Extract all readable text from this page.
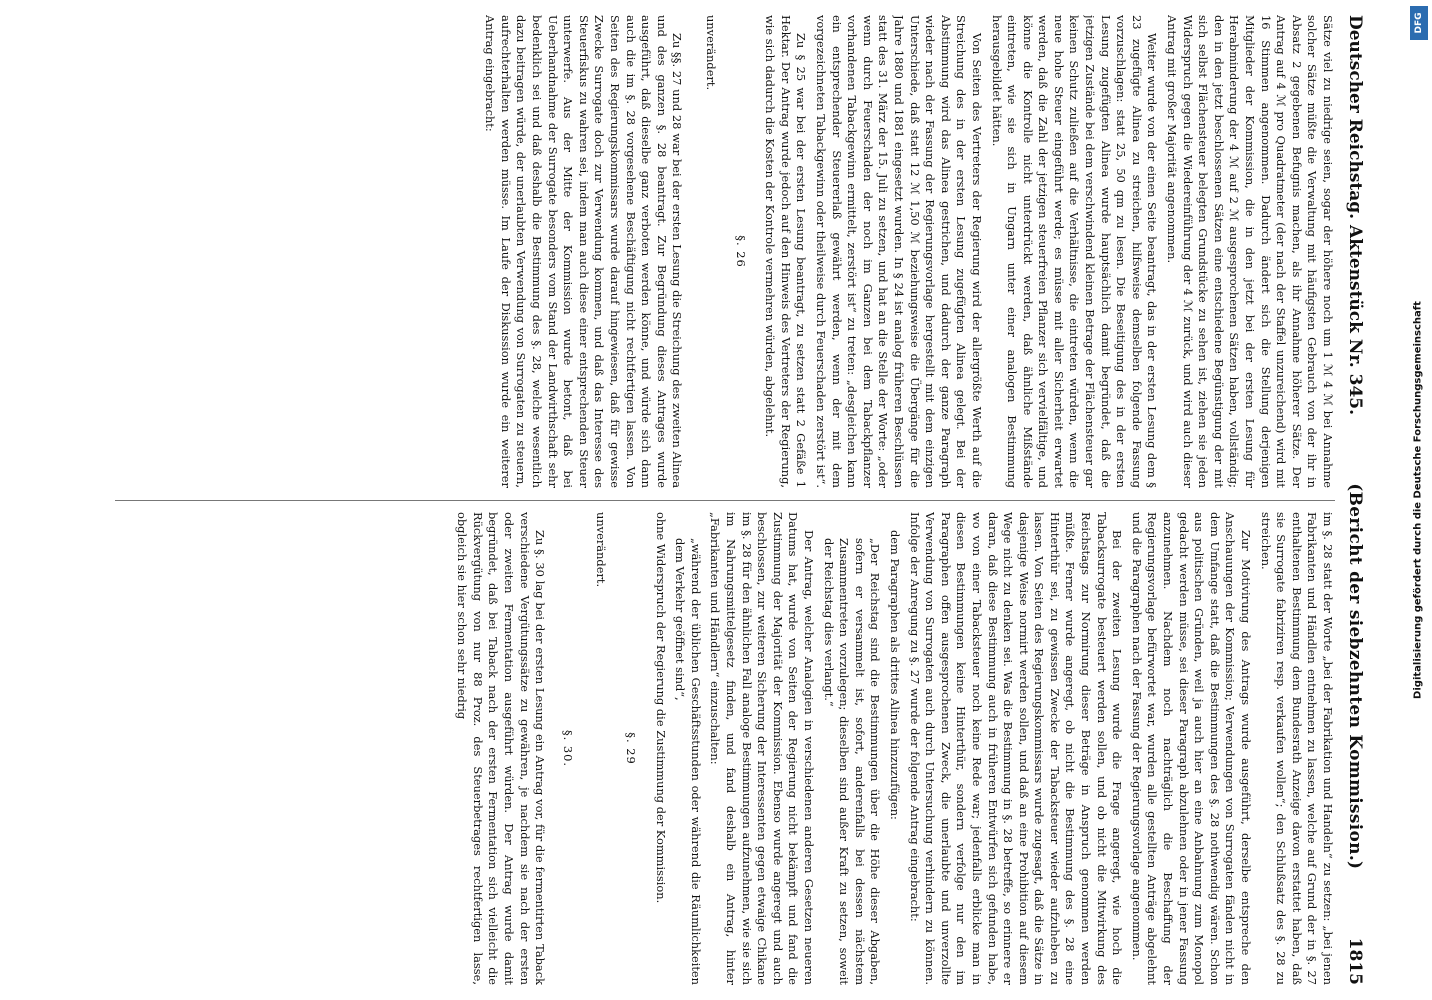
Deutscher Reichstag. Aktenstück Nr. 345.
(Bericht der siebzehnten Kommission.)
1815

Sätze viel zu niedrige seien, sogar der höhere noch um 1 ℳ 4 ℳ bei Annahme solcher Sätze müßte die Verwaltung mit häufigsten Gebrauch von der ihr in Absatz 2 gegebenen Befugnis machen, als ihr Annahme höherer Sätze. Der Antrag auf 4 ℳ pro Quadratmeter (der nach der Staffel unzureichend) wird mit 16 Stimmen angenommen. Dadurch ändert sich die Stellung derjenigen Mitglieder der Kommission, die in den jetzt bei der ersten Lesung für Herabminderung der 4 ℳ auf 2 ℳ ausgesprochenen Sätzen haben, vollständig; den in den jetzt beschlossenen Sätzen eine entschiedene Begünstigung der mit sich selbst Flächensteuer belegten Grundstücke zu sehen ist, ziehen sie jeden Widerspruch gegen die Wiedereinführung der 4 ℳ zurück, und wird auch dieser Antrag mit großer Majorität angenommen.

Weiter wurde von der einen Seite beantragt, das in der ersten Lesung dem § 23 zugefügte Alinea zu streichen, hilfsweise demselben folgende Fassung vorzuschlagen: statt 25, 50 qm zu lesen. Die Beseitigung des in der ersten Lesung zugefügten Alinea wurde hauptsächlich damit begründet, daß die jetzigen Zustände bei dem verschwindend kleinen Betrage der Flächensteuer gar keinen Schutz zuließen auf die Verhältnisse, die eintreten würden, wenn die neue hohe Steuer eingeführt werde; es müsse mit aller Sicherheit erwartet werden, daß die Zahl der jetzigen steuerfreien Pflanzer sich vervielfältige, und könne die Kontrolle nicht unterdrückt werden, daß ähnliche Mißstände eintreten, wie sie sich in Ungarn unter einer analogen Bestimmung herausgebildet hätten.

Von Seiten des Vertreters der Regierung wird der allergrößte Werth auf die Streichung des in der ersten Lesung zugefügten Alinea gelegt. Bei der Abstimmung wird das Alinea gestrichen, und dadurch der ganze Paragraph wieder nach der Fassung der Regierungsvorlage hergestellt mit dem einzigen Unterschiede, daß statt 12 ℳ 1,50 ℳ beziehungsweise die Übergänge für die Jahre 1880 und 1881 eingesetzt wurden. In § 24 ist analog früheren Beschlüssen statt des 31. März der 15. Juli zu setzen, und hat an die Stelle der Worte: „oder wenn durch Feuerschaden der noch im Ganzen bei dem Tabackpflanzer vorhandenen Tabackgewinn ermittelt, zerstört ist“ zu treten: „desgleichen kann ein entsprechender Steuererlaß gewährt werden, wenn der mit dem vorgezeichneten Tabackgewinn oder theilweise durch Feuerschaden zerstört ist“.

Zu § 25 war bei der ersten Lesung beantragt, zu setzen statt 2 Gefäße 1 Hektar. Der Antrag wurde jedoch auf den Hinweis des Vertreters der Regierung, wie sich dadurch die Kosten der Kontrole vermehren würden, abgelehnt.

§. 26

unverändert.

Zu §§. 27 und 28 war bei der ersten Lesung die Streichung des zweiten Alinea und des ganzen §. 28 beantragt. Zur Begründung dieses Antrages wurde ausgeführt, daß dieselbe ganz verboten werden könne, und würde sich dann auch die im §. 28 vorgesehene Beschäftigung nicht rechtfertigen lassen. Von Seiten des Regierungskommissars wurde darauf hingewiesen, daß für gewisse Zwecke Surrogate doch zur Verwendung kommen, und daß das Interesse des Steuerfiskus zu wahren sei, indem man auch diese einer entsprechenden Steuer unterwerfe. Aus der Mitte der Kommission wurde betont, daß bei Ueberhandnahme der Surrogate besonders vom Stand der Landwirthschaft sehr bedenklich sei und daß deshalb die Bestimmung des §. 28, welche wesentlich dazu beitragen würde, der unerlaubten Verwendung von Surrogaten zu steuern, aufrechterhalten werden müsse. Im Laufe der Diskussion wurde ein weiterer Antrag eingebracht:

im §. 28 statt der Worte „bei der Fabrikation und Handeln“ zu setzen: „bei jenen Fabrikanten und Händlen entnehmen zu lassen, welche auf Grund der in §. 27 enthaltenen Bestimmung dem Bundesrath Anzeige davon erstattet haben, daß sie Surrogate fabriziren resp. verkaufen wollen“; den Schlußsatz des §. 28 zu streichen.

Zur Motivirung des Antrags wurde ausgeführt, derselbe entspreche den Anschauungen der Kommission; Verwendungen von Surrogaten fänden nicht in dem Umfange statt, daß die Bestimmungen des §. 28 nothwendig wären. Schon aus politischen Gründen, weil ja auch hier an eine Anbahnung zum Monopol gedacht werden müsse, sei dieser Paragraph abzulehnen oder in jener Fassung anzunehmen. Nachdem noch nachträglich die Beschaffung der Regierungsvorlage befürwortet war, wurden alle gestellten Anträge abgelehnt und die Paragraphen nach der Fassung der Regierungsvorlage angenommen.

Bei der zweiten Lesung wurde die Frage angeregt, wie hoch die Tabacksurrogate besteuert werden sollen, und ob nicht die Mitwirkung des Reichstags zur Normirung dieser Beträge in Anspruch genommen werden müßte. Ferner wurde angeregt, ob nicht die Bestimmung des §. 28 eine Hinterthür sei, zu gewissen Zwecke der Tabacksteuer wieder aufzuheben zu lassen. Von Seiten des Regierungskommissars wurde zugesagt, daß die Sätze in dasjenige Weise normirt werden sollen, und daß an eine Prohibition auf diesem Wege nicht zu denken sei. Was die Bestimmung in §. 28 betreffe, so erinnere er daran, daß diese Bestimmung auch in früheren Entwürfen sich gefunden habe, wo von einer Tabacksteuer noch keine Rede war; jedenfalls erblicke man in diesen Bestimmungen keine Hinterthür, sondern verfolge nur den im Paragraphen offen ausgesprochenen Zweck, die unerlaubte und unverzollte Verwendung von Surrogaten auch durch Untersuchung verhindern zu können. Infolge der Anregung zu §. 27 wurde der folgende Antrag eingebracht:

dem Paragraphen als drittes Alinea hinzuzufügen:

„Der Reichstag sind die Bestimmungen über die Höhe dieser Abgaben, sofern er versammelt ist, sofort, anderenfalls bei dessen nächstem Zusammentreten vorzulegen; dieselben sind außer Kraft zu setzen, soweit der Reichstag dies verlangt.“

Der Antrag, welcher Analogien in verschiedenen anderen Gesetzen neueren Datums hat, wurde von Seiten der Regierung nicht bekämpft und fand die Zustimmung der Majorität der Kommission. Ebenso wurde angeregt und auch beschlossen, zur weiteren Sicherung der Interessenten gegen etwaige Chikane im §. 28 für den ähnlichen Fall analoge Bestimmungen aufzunehmen, wie sie sich im Nahrungsmittelgesetz finden, und fand deshalb ein Antrag, hinter „Fabrikanten und Händlern“ einzuschalten:

„während der üblichen Geschäftsstunden oder während die Räumlichkeiten dem Verkehr geöffnet sind“,

ohne Widerspruch der Regierung die Zustimmung der Kommission.

§. 29

unverändert.

§. 30.

Zu §. 30 lag bei der ersten Lesung ein Antrag vor, für die fermentirten Taback verschiedene Vergütungssätze zu gewähren, je nachdem sie nach der ersten oder zweiten Fermentation ausgeführt würden. Der Antrag wurde damit begründet, daß bei Taback nach der ersten Fermentation sich vielleicht die Rückvergütung von nur 88 Proz. des Steuerbetrages rechtfertigen lasse, obgleich sie hier schon sehr niedrig	Digitalisierung gefördert durch die Deutsche Forschungsgemeinschaft
DFG
